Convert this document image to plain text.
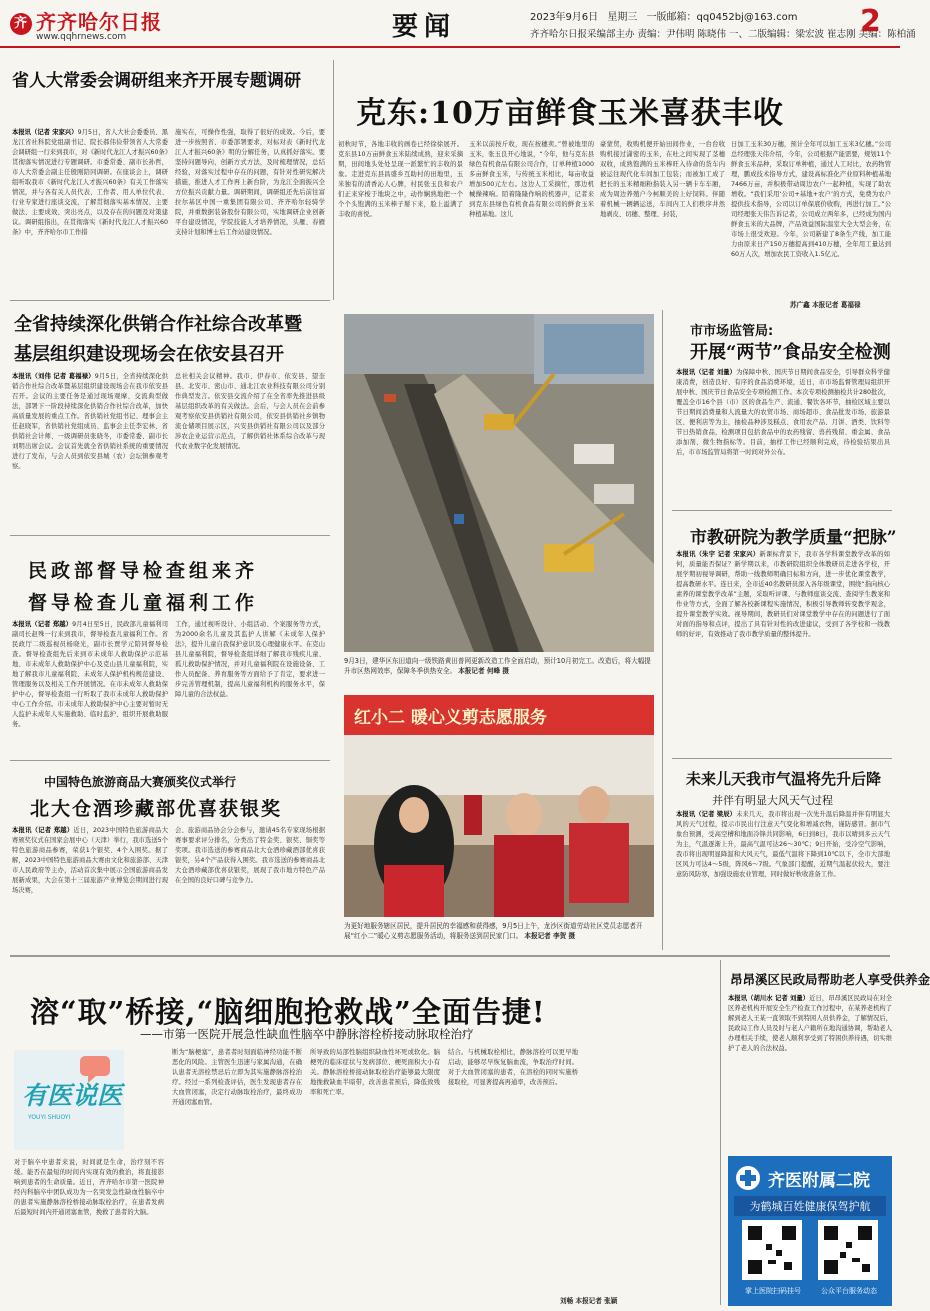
齐 齐齐哈尔日报
www.qqhrnews.com	要闻	2023年9月6日 星期三 一版邮箱：qq0452bj@163.com
齐齐哈尔日报采编部主办 责编：尹伟明 陈晓伟 一、二版编辑：梁宏波 崔志刚 美编：陈柏涌
2
省人大常委会调研组来齐开展专题调研
本报讯（记者 宋家兴）9月5日，省人大社会委委员、黑龙江省社科院党组副书记、院长郝伟俭带领省人大常委会调研组一行来到我市，对《新时代龙江人才振兴60条》贯彻落实情况进行专题调研。市委常委、副市长孙哲，市人大常委会副主任殷刚陪同调研。在座谈会上，调研组听取我市《新时代龙江人才振兴60条》有关工作落实情况，并与各有关人员代表、工作者、用人单位代表、行业专家进行座谈交流，了解贯彻落实基本情况、主要做法、主要成效、突出亮点，以及存在的问题及对策建议。调研组指出，在贯彻落实《新时代龙江人才振兴60条》中，齐齐哈尔市工作措
施实在，可操作性强，取得了很好的成效。今后，要进一步按照省、市委部署要求，对标对表《新时代龙江人才振兴60条》明的分解任务，认真抓好落实。要坚持问题导向，创新方式方法，及时梳理情况，总结经验，对落实过程中存在的问题，有针对性研究解决措施，推进人才工作再上新台阶，为龙江全面振兴全方位振兴贡献力量。调研期间，调研组还先后前往富拉尔基区中国一重集团有限公司、齐齐哈尔轻骑学院，并重数据装备股份有限公司，实地调研企业创新平台建设情况，学院技能人才培养情况，头雁、春雁支持计划和博士后工作站建设情况。
克东:10万亩鲜食玉米喜获丰收
初秋时节，各地丰收的画卷已经徐徐展开。克东县10万亩鲜食玉米陆续成熟，迎来采摘期，田间地头处处呈现一派繁忙的丰收的景象。走进克东县昌盛乡互助村的田地里，玉米独有的清香沁人心脾，村民张玉良和农户们正来穿梭于地块之中，动作娴熟地把一个个个头饱满的玉米棒子掰下来，脸上溢满了丰收的喜悦。
玉米以前按斤收，现在按穗卖。”曾被地里的玉米，张玉良开心地说，“今年，他与克东县绿色有机食品有限公司合作，订单种植1000多亩鲜食玉米，与传统玉米相比，每亩收益增加500元左右。这边人工采摘忙，那边机械操辣响。陌着隆隆作响的机器声，记者来到克东县绿色有机食品有限公司的鲜食玉米种植基地。这儿
豪蒙贸，收购机便开始田间作业，一台台收购机接过潇密的玉米，在吐之间实现了茎穗双收，成熟饱满的玉米棒旺入待命的货车内被运往现代化车间加工包装；而被加工成了把长的玉米精细粉指装入另一辆卡车车厢，成为周边养殖户今柯顺美的上好饲料。伴随着机械一辆辆运送，车间内工人们秩序井然地剥皮、切穗、整理、封装，
日加工玉米30万穗，预计全年可以加工玉米3亿穗。”公司总经理张天伟介绍，今年，公司根据产能需要，规划11个鲜食玉米品种，采取订单种植，通过人工对比，农药物管理，鹏成技术指导方式，建设高标准化产业原料种植基地7466万亩，并积极带动周边农户一起种植，实现了助农增收。“我们采用‘公司+基地+农户’的方式，免费为农户提供技术指导，公司以订单保底价收购，再进行加工。”公司经理张天伟告诉记者，公司成立两年多，已经成为国内鲜食玉米的大品牌，产品效益国际温室大全大型会务，在市场上很受欢迎。今年，公司新建了8条生产线，加工能力由原来日产150万穗提高到410万穗，全年用工量达到60万人次，增加农民工资收入1.5亿元。
苏广鑫 本报记者 葛福禄
全省持续深化供销合作社综合改革暨
基层组织建设现场会在依安县召开
本报讯（刘伟 记者 葛福禄）9月5日，全省持续深化供销合作社综合改革暨基层组织建设现场会在我市依安县召开。会议的主要任务是通过现场观摩、交流典型做法，部署下一阶段持续深化供销合作社综合改革，加快高质量发展的重点工作。省供销社党组书记、理事会主任赵晓军，省供销社党组成员、监事会主任李宏林、省供销社会计师、一级调研员张晓冬，市委常委、副市长刘明出席会议。会议首先就全省供销社系统的重要情况进行了发布，与会人员到依安县城（农）会坛镇参观考察。
总社相关会议精神。我市、伊春市、依安县、望奎县、北安市、密山市、通北江农业科技有限公司分别作典型发言。依安县交流介绍了在全省率先推进县级基层组织改革的有关做法。会后，与会人员在会前参观考察依安县供销社有限公司，依安县供销社乡镇物流仓储项目展示区，兴安县供销社有限公司以及部分涉农企业运营示范点，了解供销社体系综合改革与现代农业数字化发展情况。
民政部督导检查组来齐
督导检查儿童福利工作
本报讯（记者 郑越）9月4日至5日，民政部儿童福利司副司长赵殊一行来到我市，督导检查儿童福利工作。省民政厅二级巡视员杨晓光，副市长贾学元陪同督导检查。督导检查组先后来到市未成年人救助保护示范基地、市未成年人救助保护中心及克山县儿童福利院，实地了解我市儿童福利院、未成年人保护机构规范建设、管理服务以及相关工作开展情况。在市未成年人救助保护中心，督导检查组一行听取了我市未成年人救助保护中心工作介绍。市未成年人救助保护中心主要对暂时无人监护未成年人实施救助、临时监护、组织开展救助服务。
工作，通过视听设计、小组活动、个案服务等方式，为2000余名儿童及其监护人讲解《未成年人保护法》，提升儿童自我保护意识及心理健康水平。在克山县儿童福利院，督导检查组详细了解我市残疾儿童、孤儿救助保护情况，并对儿童福利院在设施设备、工作人员配备、养育服务等方面给予了肯定，要求进一步完善管理机制，提高儿童福利机构的服务水平，保障儿童的合法权益。
中国特色旅游商品大赛颁奖仪式举行
北大仓酒珍藏部优喜获银奖
本报讯（记者 郑越）近日，2023中国特色旅游商品大赛颁奖仪式在国家会展中心（天津）举行，我市选送5个特色旅游商品参赛，荣获1个银奖、4个入围奖。据了解，2023中国特色旅游商品大赛由文化和旅游部、天津市人民政府等主办，活动首次集中展示全国旅游商品发展新成果，大会在第十三届旅游产业博览会期间进行现场决赛，
会、旅游商品协会分会参与，邀请45名专家现场根据赛事要求评分排名，分类出了特金奖、银奖、铜奖等奖项。我市选送的参赛商品北大仓酒珍藏酒部优喜获银奖，另4个产品获得入围奖。我市选送的参赛商品北大仓酒珍藏部优喜获银奖，展现了我市地方特色产品在全国的良好口碑与竞争力。
9月3日，建华区东田道向一级铁路黄田普网更新改造工作全面启动，预计10月初完工。改造后，将大幅提升市区热网效率，保障冬季供热安全。 本报记者 何峰 摄
红小二 暖心义剪志愿服务
为更好地服务辖区居民，提升居民的幸福感和获得感，9月5日上午，龙沙区街道劳动社区党员志愿者开展“红小二”暖心义剪志愿服务活动，将服务送到居民家门口。 本报记者 李贺 摄
市市场监管局:
开展“两节”食品安全检测
本报讯（记者 刘量）为保障中秋、国庆节日期间食品安全，引导群众科学健康消费，创造良好、有序的食品消费环境，近日，市市场监督管理局组织开展中秋、国庆节日食品安全专项检测工作。本次专项检测抽检共计280批次，覆盖全市16个县（市）区的食品生产、流通、餐饮各环节，抽检区域主要以节日期间消费量和人流量大的农贸市场、商场超市、食品批发市场、旅游景区、便利店等为主，抽检品种涉及糕点、食用农产品、月饼、酒类、饮料等节日热销食品，检测项目包括食品中的农药残留、兽药残留、重金属、食品添加剂、微生物指标等。目前，抽样工作已经顺利完成，待检验结果出具后，市市场监管局将第一时间对外公布。
市教研院为教学质量“把脉”
本报讯（朱宇 记者 宋家兴）新课标背景下，我市各学科课堂教学改革的如何，质量能否保证？新学期以来，市教研院组织全体教研员走进各学校，开展学期初视导调研，帮助一线教师明确目标和方向，进一步优化课堂教学，提高教研水平。连日来，全市近40名教研员深入各年级课堂，围绕“指向核心素养的课堂教学改革”主题，采取听评课、与教师座谈交流、查阅学生教案和作业等方式，全面了解各校新课程实施情况，积极引导教师转变教学观念，提升课堂教学实效。视导期间，教研员们对课堂教学中存在的问题进行了面对面的指导和点评，提出了具有针对性的改进建议，受到了各学校和一线教师的好评，有效推动了我市教学质量的整体提升。
未来儿天我市气温将先升后降
并伴有明显大风天气过程
本报讯（记者 梁辰）未来几天，我市将出现一次先升温后降温并伴有明显大风的天气过程，提示市民出行注意天气变化和增减衣物，谨防感冒。据市气象台预测，受高空槽和地面冷锋共同影响，6日到8日，我市以晴到多云天气为主，气温逐渐上升，最高气温可达26～30℃；9日开始，受冷空气影响，我市将出现明显降温和大风天气，最低气温将下降到10℃以下，全市大部地区风力可达4～5级，阵风6～7级。气象部门提醒，近期气温起伏较大，要注意防风防寒，加强设施农业管理，同时做好秋收准备工作。
溶“取”桥接,“脑细胞抢救战”全面告捷!
——市第一医院开展急性缺血性脑卒中静脉溶栓桥接动脉取栓治疗
有医说医
YOUYI SHUOYI
对于脑卒中患者来说，时间就是生命，治疗刻不容缓。能否在最短的时间内实现有效的救治，将直接影响到患者的生命质量。近日，齐齐哈尔市第一医院神经内科脑卒中团队成功为一名突发急性缺血性脑卒中的患者实施静脉溶栓桥接动脉取栓治疗，在患者发病后最短时间内开通闭塞血管，挽救了患者的大脑。
断为“脑梗塞”，患者者时刻面临神经功能不断恶化的风险。主管医生迅速与家属沟通，在确认患者无溶栓禁忌后立即为其实施静脉溶栓治疗。经过一系列检查评估，医生发现患者存在大血管闭塞，决定行动脉取栓治疗，最终成功开通闭塞血管。
所导致的局部性脑组织缺血性坏死或软化。脑梗死的临床症状与发病部位、梗死面积大小有关。静脉溶栓桥接动脉取栓治疗能够最大限度地挽救缺血半暗带，改善患者预后，降低致残率和死亡率。
结合。与机械取栓相比，静脉溶栓可以更早地启动，能够尽早恢复脑血流，争取治疗时间。对于大血管闭塞的患者，在溶栓的同时实施桥接取栓，可显著提高再通率，改善预后。
刘畅 本报记者 张颖
昂昂溪区民政局帮助老人享受供养金
本报讯（胡川水 记者 刘量）近日，昂昂溪区民政局在对全区养老机构开展安全生产检查工作过程中，在某养老机构了解到老人王某一直领取不到特困人员供养金，了解情况后，民政局工作人员及时与老人户籍所在地沟通协调，帮助老人办理相关手续，使老人顺利享受到了特困供养待遇，切实维护了老人的合法权益。
齐医附属二院
为鹤城百姓健康保驾护航
掌上医院扫码挂号	公众平台服务动态
